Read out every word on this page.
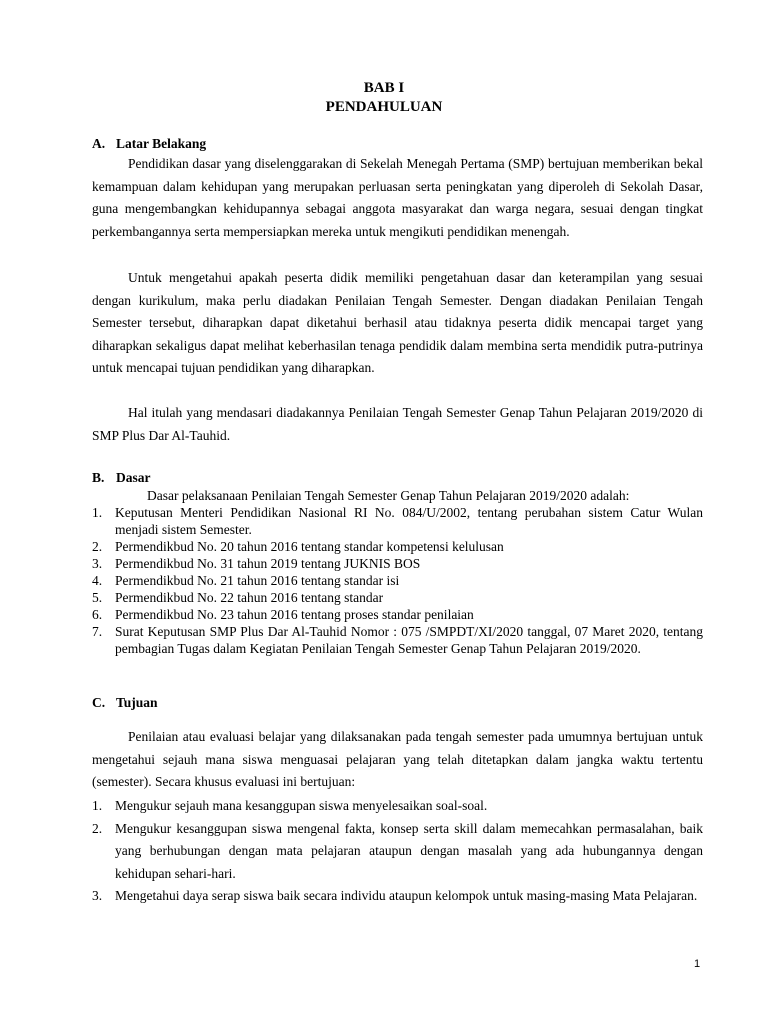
BAB I
PENDAHULUAN
A. Latar Belakang

Pendidikan dasar yang diselenggarakan di Sekelah Menegah Pertama (SMP) bertujuan memberikan bekal kemampuan dalam kehidupan yang merupakan perluasan serta peningkatan yang diperoleh di Sekolah Dasar, guna mengembangkan kehidupannya sebagai anggota masyarakat dan warga negara, sesuai dengan tingkat perkembangannya serta mempersiapkan mereka untuk mengikuti pendidikan menengah.

Untuk mengetahui apakah peserta didik memiliki pengetahuan dasar dan keterampilan yang sesuai dengan kurikulum, maka perlu diadakan Penilaian Tengah Semester. Dengan diadakan Penilaian Tengah Semester tersebut, diharapkan dapat diketahui berhasil atau tidaknya peserta didik mencapai target yang diharapkan sekaligus dapat melihat keberhasilan tenaga pendidik dalam membina serta mendidik putra-putrinya untuk mencapai tujuan pendidikan yang diharapkan.

Hal itulah yang mendasari diadakannya Penilaian Tengah Semester Genap Tahun Pelajaran 2019/2020 di SMP Plus Dar Al-Tauhid.

B. Dasar

Dasar pelaksanaan Penilaian Tengah Semester Genap Tahun Pelajaran 2019/2020 adalah:

1. Keputusan Menteri Pendidikan Nasional RI No. 084/U/2002, tentang perubahan sistem Catur Wulan menjadi sistem Semester.
2. Permendikbud No. 20 tahun 2016 tentang standar kompetensi kelulusan
3. Permendikbud No. 31 tahun 2019 tentang JUKNIS BOS
4. Permendikbud No. 21 tahun 2016 tentang standar isi
5. Permendikbud No. 22 tahun 2016 tentang standar
6. Permendikbud No. 23 tahun 2016 tentang proses standar penilaian
7. Surat Keputusan SMP Plus Dar Al-Tauhid Nomor : 075 /SMPDT/XI/2020 tanggal, 07 Maret 2020, tentang pembagian Tugas dalam Kegiatan Penilaian Tengah Semester Genap Tahun Pelajaran 2019/2020.
C. Tujuan

Penilaian atau evaluasi belajar yang dilaksanakan pada tengah semester pada umumnya bertujuan untuk mengetahui sejauh mana siswa menguasai pelajaran yang telah ditetapkan dalam jangka waktu tertentu (semester). Secara khusus evaluasi ini bertujuan:

1. Mengukur sejauh mana kesanggupan siswa menyelesaikan soal-soal.
2. Mengukur kesanggupan siswa mengenal fakta, konsep serta skill dalam memecahkan permasalahan, baik yang berhubungan dengan mata pelajaran ataupun dengan masalah yang ada hubungannya dengan kehidupan sehari-hari.
3. Mengetahui daya serap siswa baik secara individu ataupun kelompok untuk masing-masing Mata Pelajaran.
1
